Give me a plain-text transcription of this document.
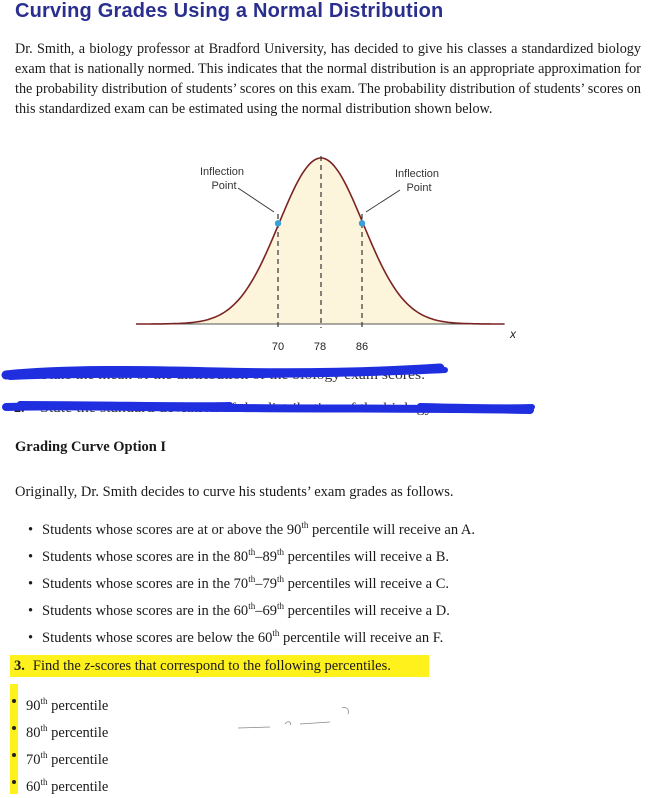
Curving Grades Using a Normal Distribution
Dr. Smith, a biology professor at Bradford University, has decided to give his classes a standardized biology exam that is nationally normed. This indicates that the normal distribution is an appropriate approximation for the probability distribution of students’ scores on this exam. The probability distribution of students’ scores on this standardized exam can be estimated using the normal distribution shown below.
Inflection
Point
Inflection
Point
70	78	86
x
1. State the mean of the distribution of the biology exam scores.
2. State the standard deviation of the distribution of the biology exam scores.
Grading Curve Option I
Originally, Dr. Smith decides to curve his students’ exam grades as follows.
• Students whose scores are at or above the 90th percentile will receive an A.
• Students whose scores are in the 80th–89th percentiles will receive a B.
• Students whose scores are in the 70th–79th percentiles will receive a C.
• Students whose scores are in the 60th–69th percentiles will receive a D.
• Students whose scores are below the 60th percentile will receive an F.
3. Find the z-scores that correspond to the following percentiles.
90th percentile
80th percentile
70th percentile
60th percentile
